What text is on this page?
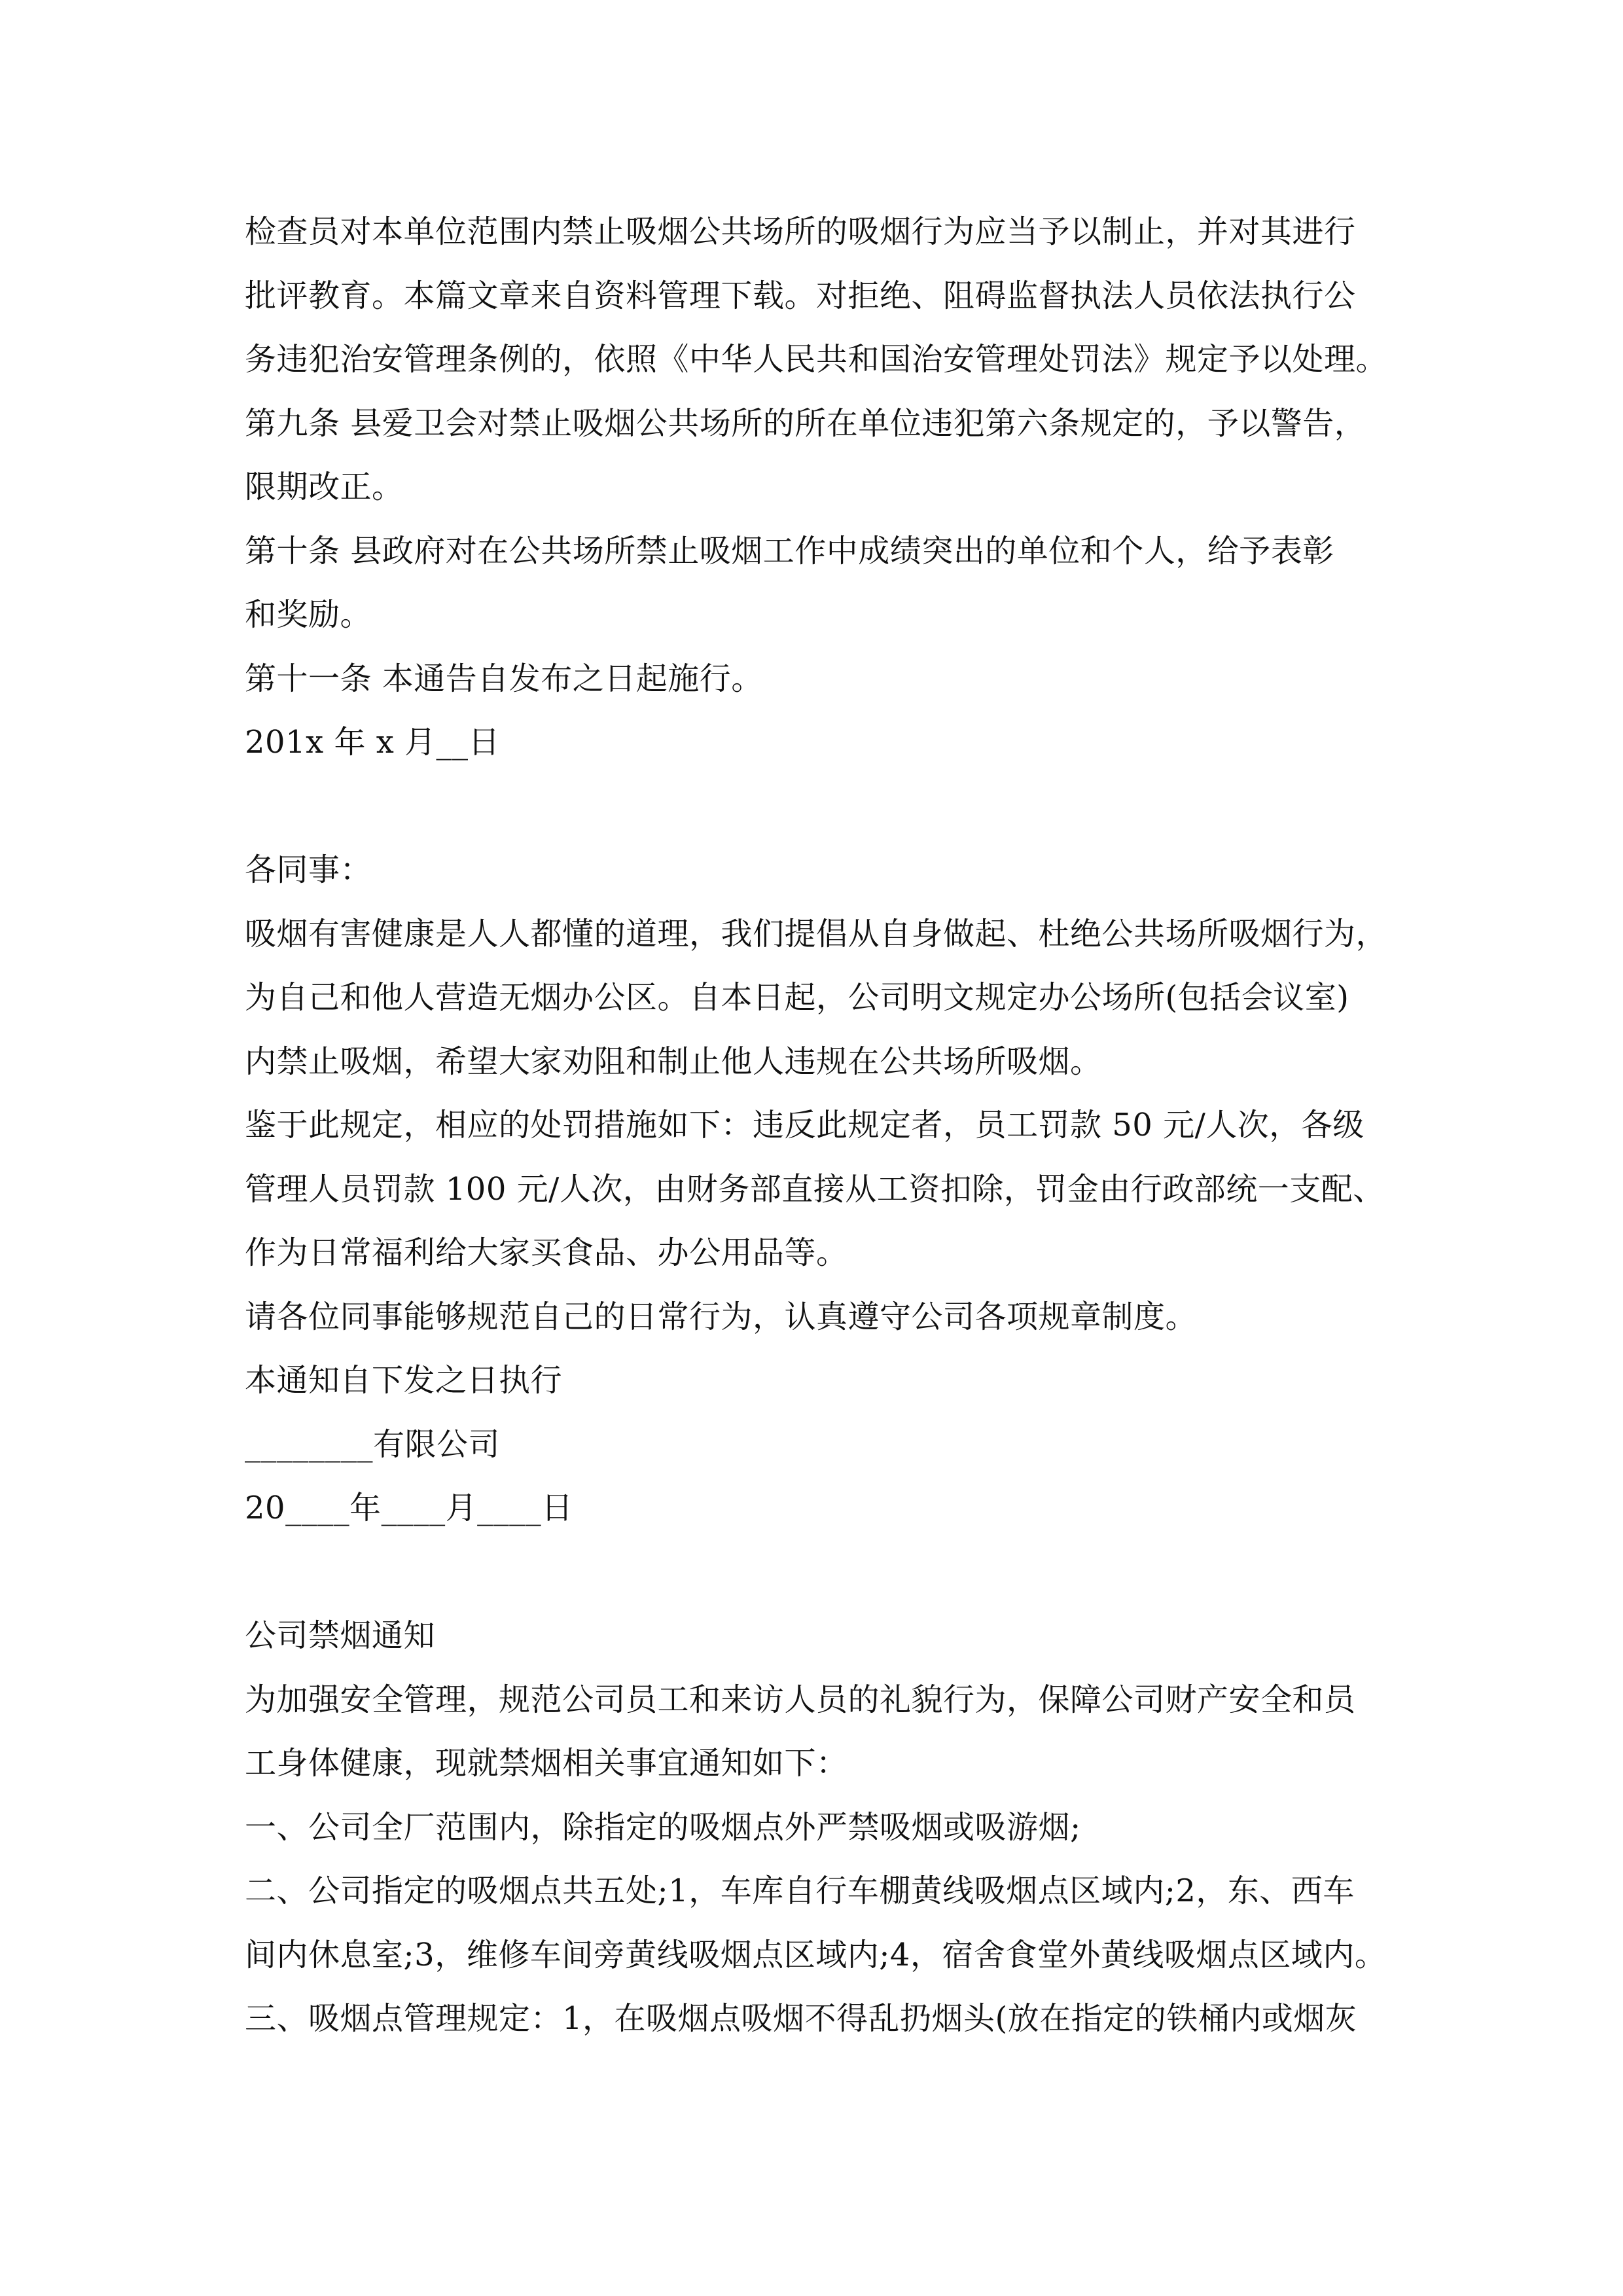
检查员对本单位范围内禁止吸烟公共场所的吸烟行为应当予以制止，并对其进行
批评教育。本篇文章来自资料管理下载。对拒绝、阻碍监督执法人员依法执行公
务违犯治安管理条例的，依照《中华人民共和国治安管理处罚法》规定予以处理。
第九条 县爱卫会对禁止吸烟公共场所的所在单位违犯第六条规定的，予以警告，
限期改正。
第十条 县政府对在公共场所禁止吸烟工作中成绩突出的单位和个人，给予表彰
和奖励。
第十一条 本通告自发布之日起施行。
201x 年 x 月__日
各同事：
吸烟有害健康是人人都懂的道理，我们提倡从自身做起、杜绝公共场所吸烟行为，
为自己和他人营造无烟办公区。自本日起，公司明文规定办公场所(包括会议室)
内禁止吸烟，希望大家劝阻和制止他人违规在公共场所吸烟。
鉴于此规定，相应的处罚措施如下：违反此规定者，员工罚款 50 元/人次，各级
管理人员罚款 100 元/人次，由财务部直接从工资扣除，罚金由行政部统一支配、
作为日常福利给大家买食品、办公用品等。
请各位同事能够规范自己的日常行为，认真遵守公司各项规章制度。
本通知自下发之日执行
________有限公司
20____年____月____日
公司禁烟通知
为加强安全管理，规范公司员工和来访人员的礼貌行为，保障公司财产安全和员
工身体健康，现就禁烟相关事宜通知如下：
一、公司全厂范围内，除指定的吸烟点外严禁吸烟或吸游烟;
二、公司指定的吸烟点共五处;1，车库自行车棚黄线吸烟点区域内;2，东、西车
间内休息室;3，维修车间旁黄线吸烟点区域内;4，宿舍食堂外黄线吸烟点区域内。
三、吸烟点管理规定：1，在吸烟点吸烟不得乱扔烟头(放在指定的铁桶内或烟灰
